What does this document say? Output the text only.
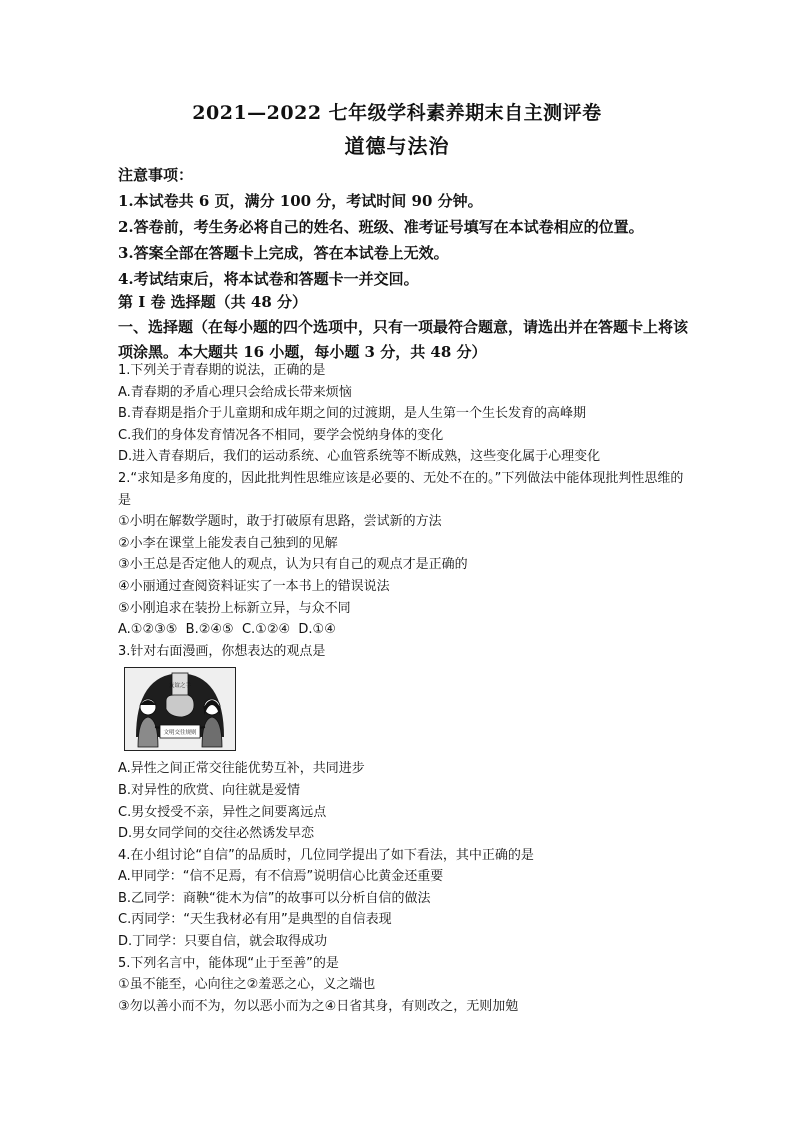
2021—2022 七年级学科素养期末自主测评卷
道德与法治
注意事项：
1.本试卷共 6 页，满分 100 分，考试时间 90 分钟。
2.答卷前，考生务必将自己的姓名、班级、准考证号填写在本试卷相应的位置。
3.答案全部在答题卡上完成，答在本试卷上无效。
4.考试结束后，将本试卷和答题卡一并交回。
第 I 卷 选择题（共 48 分）
一、选择题（在每小题的四个选项中，只有一项最符合题意，请选出并在答题卡上将该项涂黑。本大题共 16 小题，每小题 3 分，共 48 分）
1.下列关于青春期的说法，正确的是
A.青春期的矛盾心理只会给成长带来烦恼
B.青春期是指介于儿童期和成年期之间的过渡期，是人生第一个生长发育的高峰期
C.我们的身体发育情况各不相同，要学会悦纳身体的变化
D.进入青春期后，我们的运动系统、心血管系统等不断成熟，这些变化属于心理变化
2.“求知是多角度的，因此批判性思维应该是必要的、无处不在的。”下列做法中能体现批判性思维的是
①小明在解数学题时，敢于打破原有思路，尝试新的方法
②小李在课堂上能发表自己独到的见解
③小王总是否定他人的观点，认为只有自己的观点才是正确的
④小丽通过查阅资料证实了一本书上的错误说法
⑤小刚追求在装扮上标新立异，与众不同
A.①②③⑤  B.②④⑤  C.①②④  D.①④
3.针对右面漫画，你想表达的观点是
友谊之手
文明交往规则
A.异性之间正常交往能优势互补，共同进步
B.对异性的欣赏、向往就是爱情
C.男女授受不亲，异性之间要离远点
D.男女同学间的交往必然诱发早恋
4.在小组讨论“自信”的品质时，几位同学提出了如下看法，其中正确的是
A.甲同学：“信不足焉，有不信焉”说明信心比黄金还重要
B.乙同学：商鞅“徙木为信”的故事可以分析自信的做法
C.丙同学：“天生我材必有用”是典型的自信表现
D.丁同学：只要自信，就会取得成功
5.下列名言中，能体现“止于至善”的是
①虽不能至，心向往之②羞恶之心，义之端也
③勿以善小而不为，勿以恶小而为之④日省其身，有则改之，无则加勉
